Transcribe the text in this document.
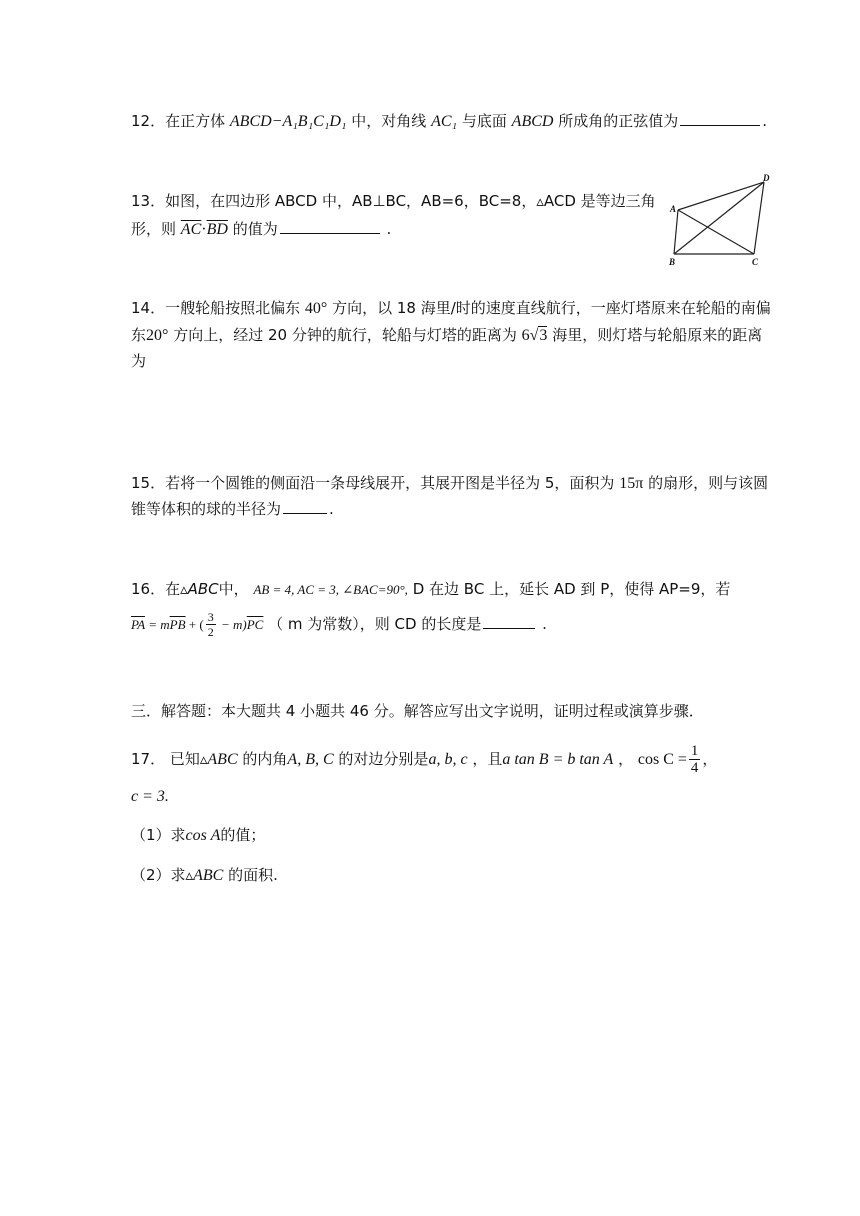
12．在正方体 ABCD−A₁B₁C₁D₁ 中，对角线 AC₁ 与底面 ABCD 所成角的正弦值为	.
13．如图，在四边形 ABCD 中，AB⊥BC，AB=6，BC=8，▵ACD 是等边三角
形，则 $\overline{AC}\cdot\overline{BD}$ 的值为	.
A
B	C
D
14．一艘轮船按照北偏东 40° 方向，以 18 海里/时的速度直线航行，一座灯塔原来在轮船的南偏
东20° 方向上，经过 20 分钟的航行，轮船与灯塔的距离为 6√3 海里，则灯塔与轮船原来的距离
为
15．若将一个圆锥的侧面沿一条母线展开，其展开图是半径为 5，面积为 15π 的扇形，则与该圆
锥等体积的球的半径为	.
16．在▵ABC中， AB = 4, AC = 3, ∠BAC=90°, D 在边 BC 上，延长 AD 到 P，使得 AP=9，若
$\overline{PA} = m\overline{PB}$ + ( $\frac{3}{2} - m)\overline{PC}$ （ m 为常数），则 CD 的长度是	.
三．解答题：本大题共 4 小题共 46 分。解答应写出文字说明，证明过程或演算步骤．
17． 已知▵ABC 的内角A, B, C 的对边分别是a, b, c ，且a tan B = b tan A ， $\cos C = \frac{1}{4}$ ，
c = 3.
（1）求cos A的值；
（2）求▵ABC 的面积.
